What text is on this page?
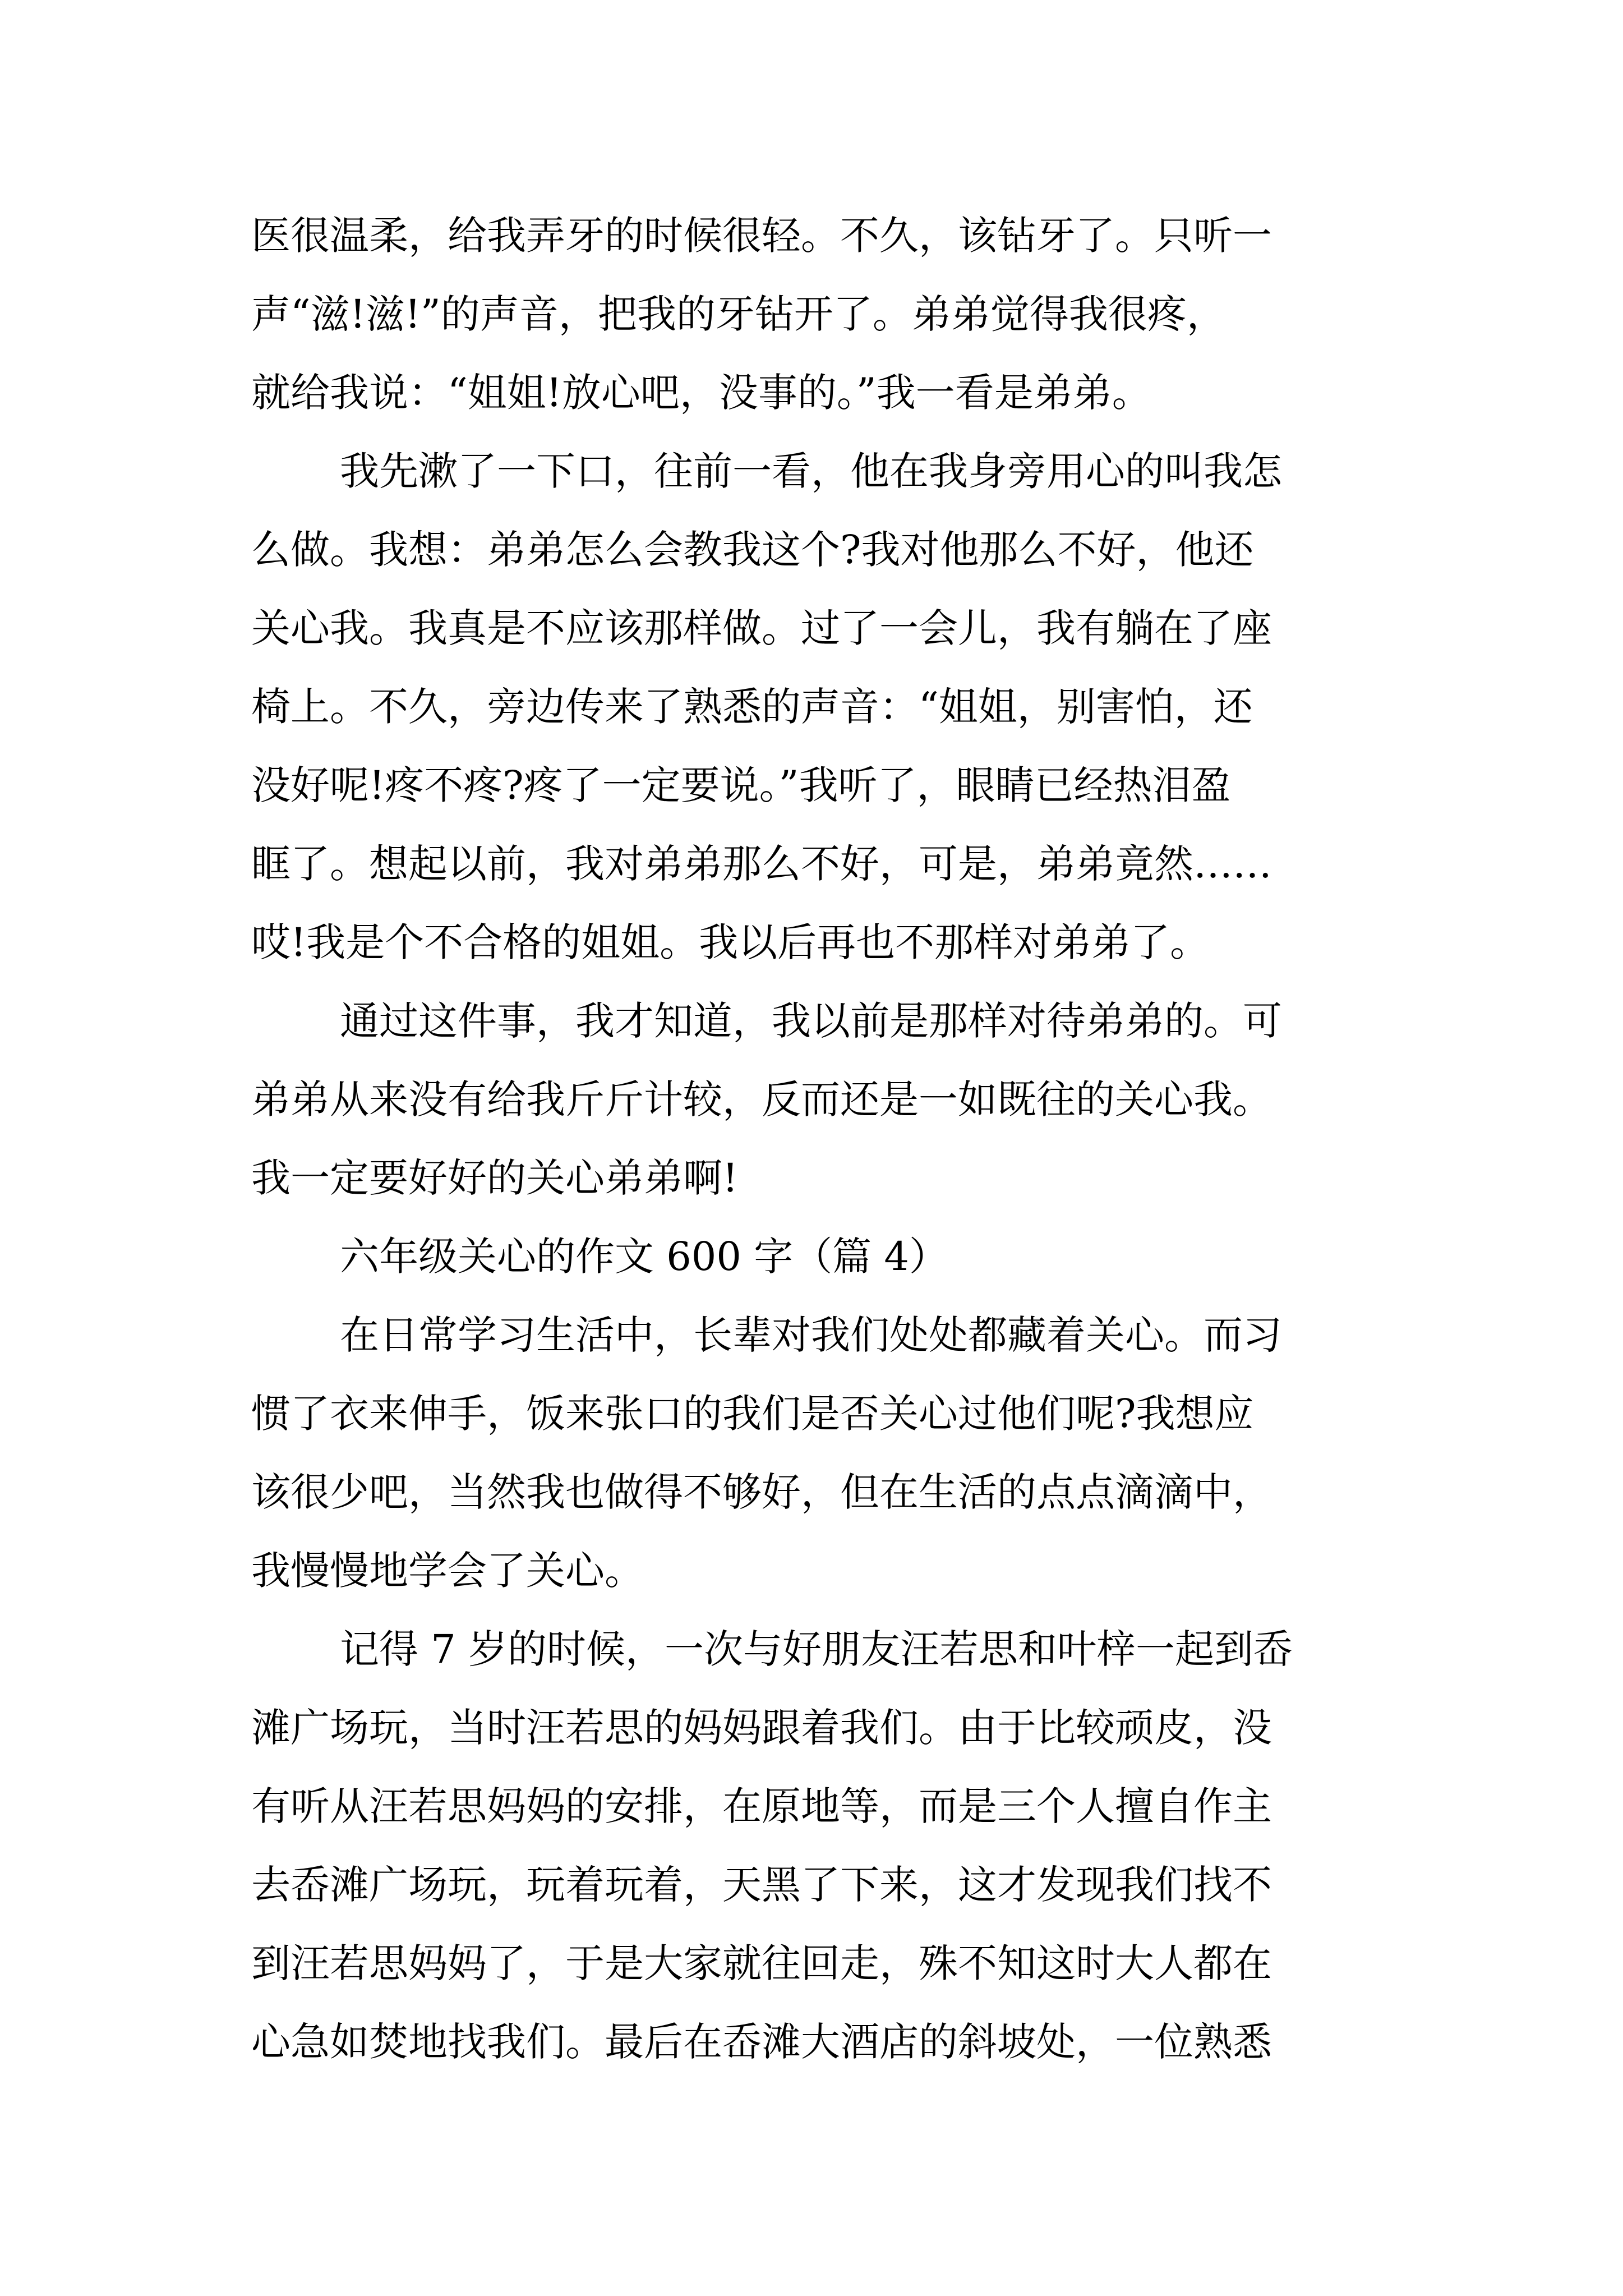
医很温柔，给我弄牙的时候很轻。不久，该钻牙了。只听一
声“滋!滋!”的声音，把我的牙钻开了。弟弟觉得我很疼，
就给我说：“姐姐!放心吧，没事的。”我一看是弟弟。
我先漱了一下口，往前一看，他在我身旁用心的叫我怎
么做。我想：弟弟怎么会教我这个?我对他那么不好，他还
关心我。我真是不应该那样做。过了一会儿，我有躺在了座
椅上。不久，旁边传来了熟悉的声音：“姐姐，别害怕，还
没好呢!疼不疼?疼了一定要说。”我听了，眼睛已经热泪盈
眶了。想起以前，我对弟弟那么不好，可是，弟弟竟然……
哎!我是个不合格的姐姐。我以后再也不那样对弟弟了。
通过这件事，我才知道，我以前是那样对待弟弟的。可
弟弟从来没有给我斤斤计较，反而还是一如既往的关心我。
我一定要好好的关心弟弟啊!
六年级关心的作文 600 字（篇 4）
在日常学习生活中，长辈对我们处处都藏着关心。而习
惯了衣来伸手，饭来张口的我们是否关心过他们呢?我想应
该很少吧，当然我也做得不够好，但在生活的点点滴滴中，
我慢慢地学会了关心。
记得 7 岁的时候，一次与好朋友汪若思和叶梓一起到岙
滩广场玩，当时汪若思的妈妈跟着我们。由于比较顽皮，没
有听从汪若思妈妈的安排，在原地等，而是三个人擅自作主
去岙滩广场玩，玩着玩着，天黑了下来，这才发现我们找不
到汪若思妈妈了，于是大家就往回走，殊不知这时大人都在
心急如焚地找我们。最后在岙滩大酒店的斜坡处，一位熟悉
